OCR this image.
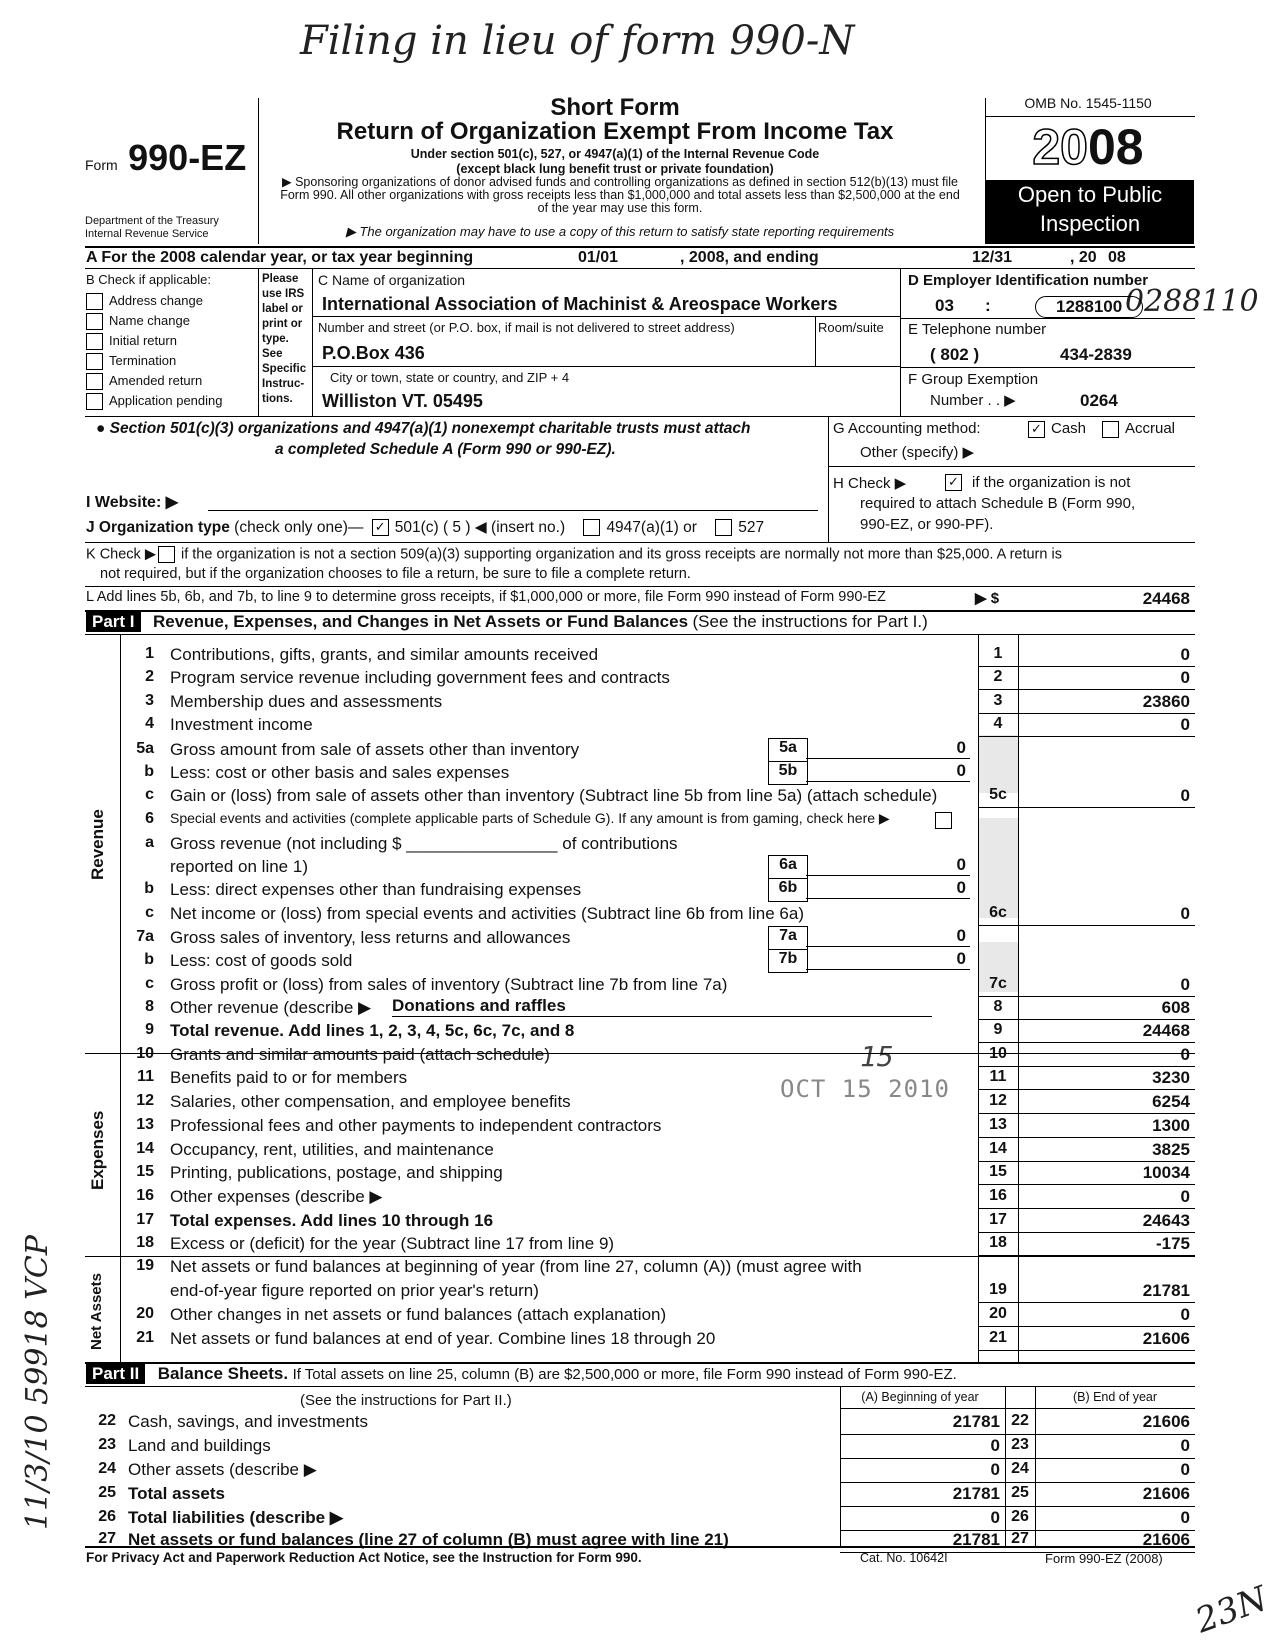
Filing in lieu of form 990-N
0288110
11/3/10 59918 VCP
23N
15
OCT 15 2010
Form 990-EZ
Department of the Treasury
Internal Revenue Service
Short Form
Return of Organization Exempt From Income Tax
Under section 501(c), 527, or 4947(a)(1) of the Internal Revenue Code
(except black lung benefit trust or private foundation)
▶ Sponsoring organizations of donor advised funds and controlling organizations as defined in section 512(b)(13) must file Form 990. All other organizations with gross receipts less than $1,000,000 and total assets less than $2,500,000 at the end of the year may use this form.
▶ The organization may have to use a copy of this return to satisfy state reporting requirements
OMB No. 1545-1150
2008
Open to Public
Inspection
A For the 2008 calendar year, or tax year beginning	01/01	, 2008, and ending	12/31	, 20 08
B Check if applicable:
Address change
Name change
Initial return
Termination
Amended return
Application pending
Please
use IRS
label or
print or
type.
See
Specific
Instruc-
tions.
C Name of organization
International Association of Machinist & Areospace Workers
Number and street (or P.O. box, if mail is not delivered to street address)	Room/suite
P.O.Box 436
City or town, state or country, and ZIP + 4
Williston VT. 05495
D Employer Identification number
03 :	1288100
E Telephone number
( 802 )	434-2839
F Group Exemption
Number . . ▶	0264
● Section 501(c)(3) organizations and 4947(a)(1) nonexempt charitable trusts must attach
a completed Schedule A (Form 990 or 990-EZ).
G Accounting method:	✓ Cash	Accrual
Other (specify) ▶
H Check ▶	✓ if the organization is not
required to attach Schedule B (Form 990,
990-EZ, or 990-PF).
I Website: ▶
J Organization type (check only one)— ✓ 501(c) ( 5 ) ◀ (insert no.)	4947(a)(1) or	527
K Check ▶ if the organization is not a section 509(a)(3) supporting organization and its gross receipts are normally not more than $25,000. A return is
not required, but if the organization chooses to file a return, be sure to file a complete return.
L Add lines 5b, 6b, and 7b, to line 9 to determine gross receipts, if $1,000,000 or more, file Form 990 instead of Form 990-EZ	▶ $	24468
Part I Revenue, Expenses, and Changes in Net Assets or Fund Balances (See the instructions for Part I.)
Revenue
Expenses
Net Assets
1 Contributions, gifts, grants, and similar amounts received	1	0
2 Program service revenue including government fees and contracts	2	0
3 Membership dues and assessments	3	23860
4 Investment income	4	0
5a Gross amount from sale of assets other than inventory	5a	0
b Less: cost or other basis and sales expenses	5b	0
c Gain or (loss) from sale of assets other than inventory (Subtract line 5b from line 5a) (attach schedule)	5c	0
6 Special events and activities (complete applicable parts of Schedule G). If any amount is from gaming, check here ▶
a Gross revenue (not including $ ________________ of contributions
reported on line 1)	6a	0
b Less: direct expenses other than fundraising expenses	6b	0
c Net income or (loss) from special events and activities (Subtract line 6b from line 6a)	6c	0
7a Gross sales of inventory, less returns and allowances	7a	0
b Less: cost of goods sold	7b	0
c Gross profit or (loss) from sales of inventory (Subtract line 7b from line 7a)	7c	0
8 Other revenue (describe ▶ Donations and raffles	8	608
9 Total revenue. Add lines 1, 2, 3, 4, 5c, 6c, 7c, and 8	9	24468
10 Grants and similar amounts paid (attach schedule)	10	0
11 Benefits paid to or for members	11	3230
12 Salaries, other compensation, and employee benefits	12	6254
13 Professional fees and other payments to independent contractors	13	1300
14 Occupancy, rent, utilities, and maintenance	14	3825
15 Printing, publications, postage, and shipping	15	10034
16 Other expenses (describe ▶	16	0
17 Total expenses. Add lines 10 through 16	17	24643
18 Excess or (deficit) for the year (Subtract line 17 from line 9)	18	-175
19 Net assets or fund balances at beginning of year (from line 27, column (A)) (must agree with
end-of-year figure reported on prior year's return)	19	21781
20 Other changes in net assets or fund balances (attach explanation)	20	0
21 Net assets or fund balances at end of year. Combine lines 18 through 20	21	21606
Part II Balance Sheets. If Total assets on line 25, column (B) are $2,500,000 or more, file Form 990 instead of Form 990-EZ.
(See the instructions for Part II.)	(A) Beginning of year	(B) End of year
22 Cash, savings, and investments	21781 22	21606
23 Land and buildings	0 23	0
24 Other assets (describe ▶	0 24	0
25 Total assets	21781 25	21606
26 Total liabilities (describe ▶	0 26	0
27 Net assets or fund balances (line 27 of column (B) must agree with line 21)	21781 27	21606
For Privacy Act and Paperwork Reduction Act Notice, see the Instruction for Form 990.	Cat. No. 10642I	Form 990-EZ (2008)
